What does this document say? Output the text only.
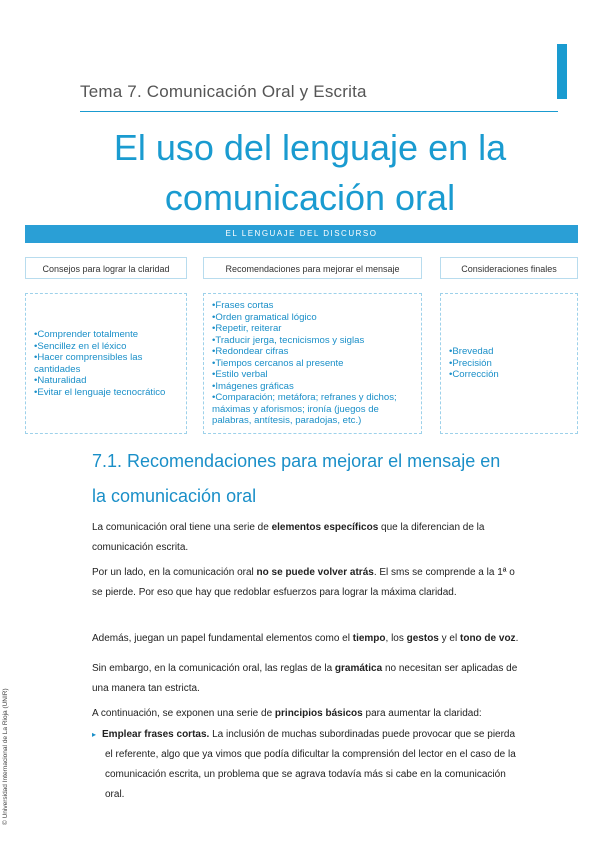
Tema 7. Comunicación Oral y Escrita
El uso del lenguaje en la
comunicación oral
EL LENGUAJE DEL DISCURSO
Consejos para lograr la claridad	Recomendaciones para mejorar el mensaje	Consideraciones finales
•Comprender totalmente
•Sencillez en el léxico
•Hacer comprensibles las cantidades
•Naturalidad
•Evitar el lenguaje tecnocrático
•Frases cortas
•Orden gramatical lógico
•Repetir, reiterar
•Traducir jerga, tecnicismos y siglas
•Redondear cifras
•Tiempos cercanos al presente
•Estilo verbal
•Imágenes gráficas
•Comparación; metáfora; refranes y dichos; máximas y aforismos; ironía (juegos de palabras, antítesis, paradojas, etc.)
•Brevedad
•Precisión
•Corrección
7.1. Recomendaciones para mejorar el mensaje en
la comunicación oral

La comunicación oral tiene una serie de elementos específicos que la diferencian de la comunicación escrita.

Por un lado, en la comunicación oral no se puede volver atrás. El sms se comprende a la 1ª o se pierde. Por eso que hay que redoblar esfuerzos para lograr la máxima claridad.

Además, juegan un papel fundamental elementos como el tiempo, los gestos y el tono de voz.

Sin embargo, en la comunicación oral, las reglas de la gramática no necesitan ser aplicadas de una manera tan estricta.

A continuación, se exponen una serie de principios básicos para aumentar la claridad:

▸ Emplear frases cortas. La inclusión de muchas subordinadas puede provocar que se pierda el referente, algo que ya vimos que podía dificultar la comprensión del lector en el caso de la comunicación escrita, un problema que se agrava todavía más si cabe en la comunicación oral.

© Universidad Internacional de La Rioja (UNIR)
